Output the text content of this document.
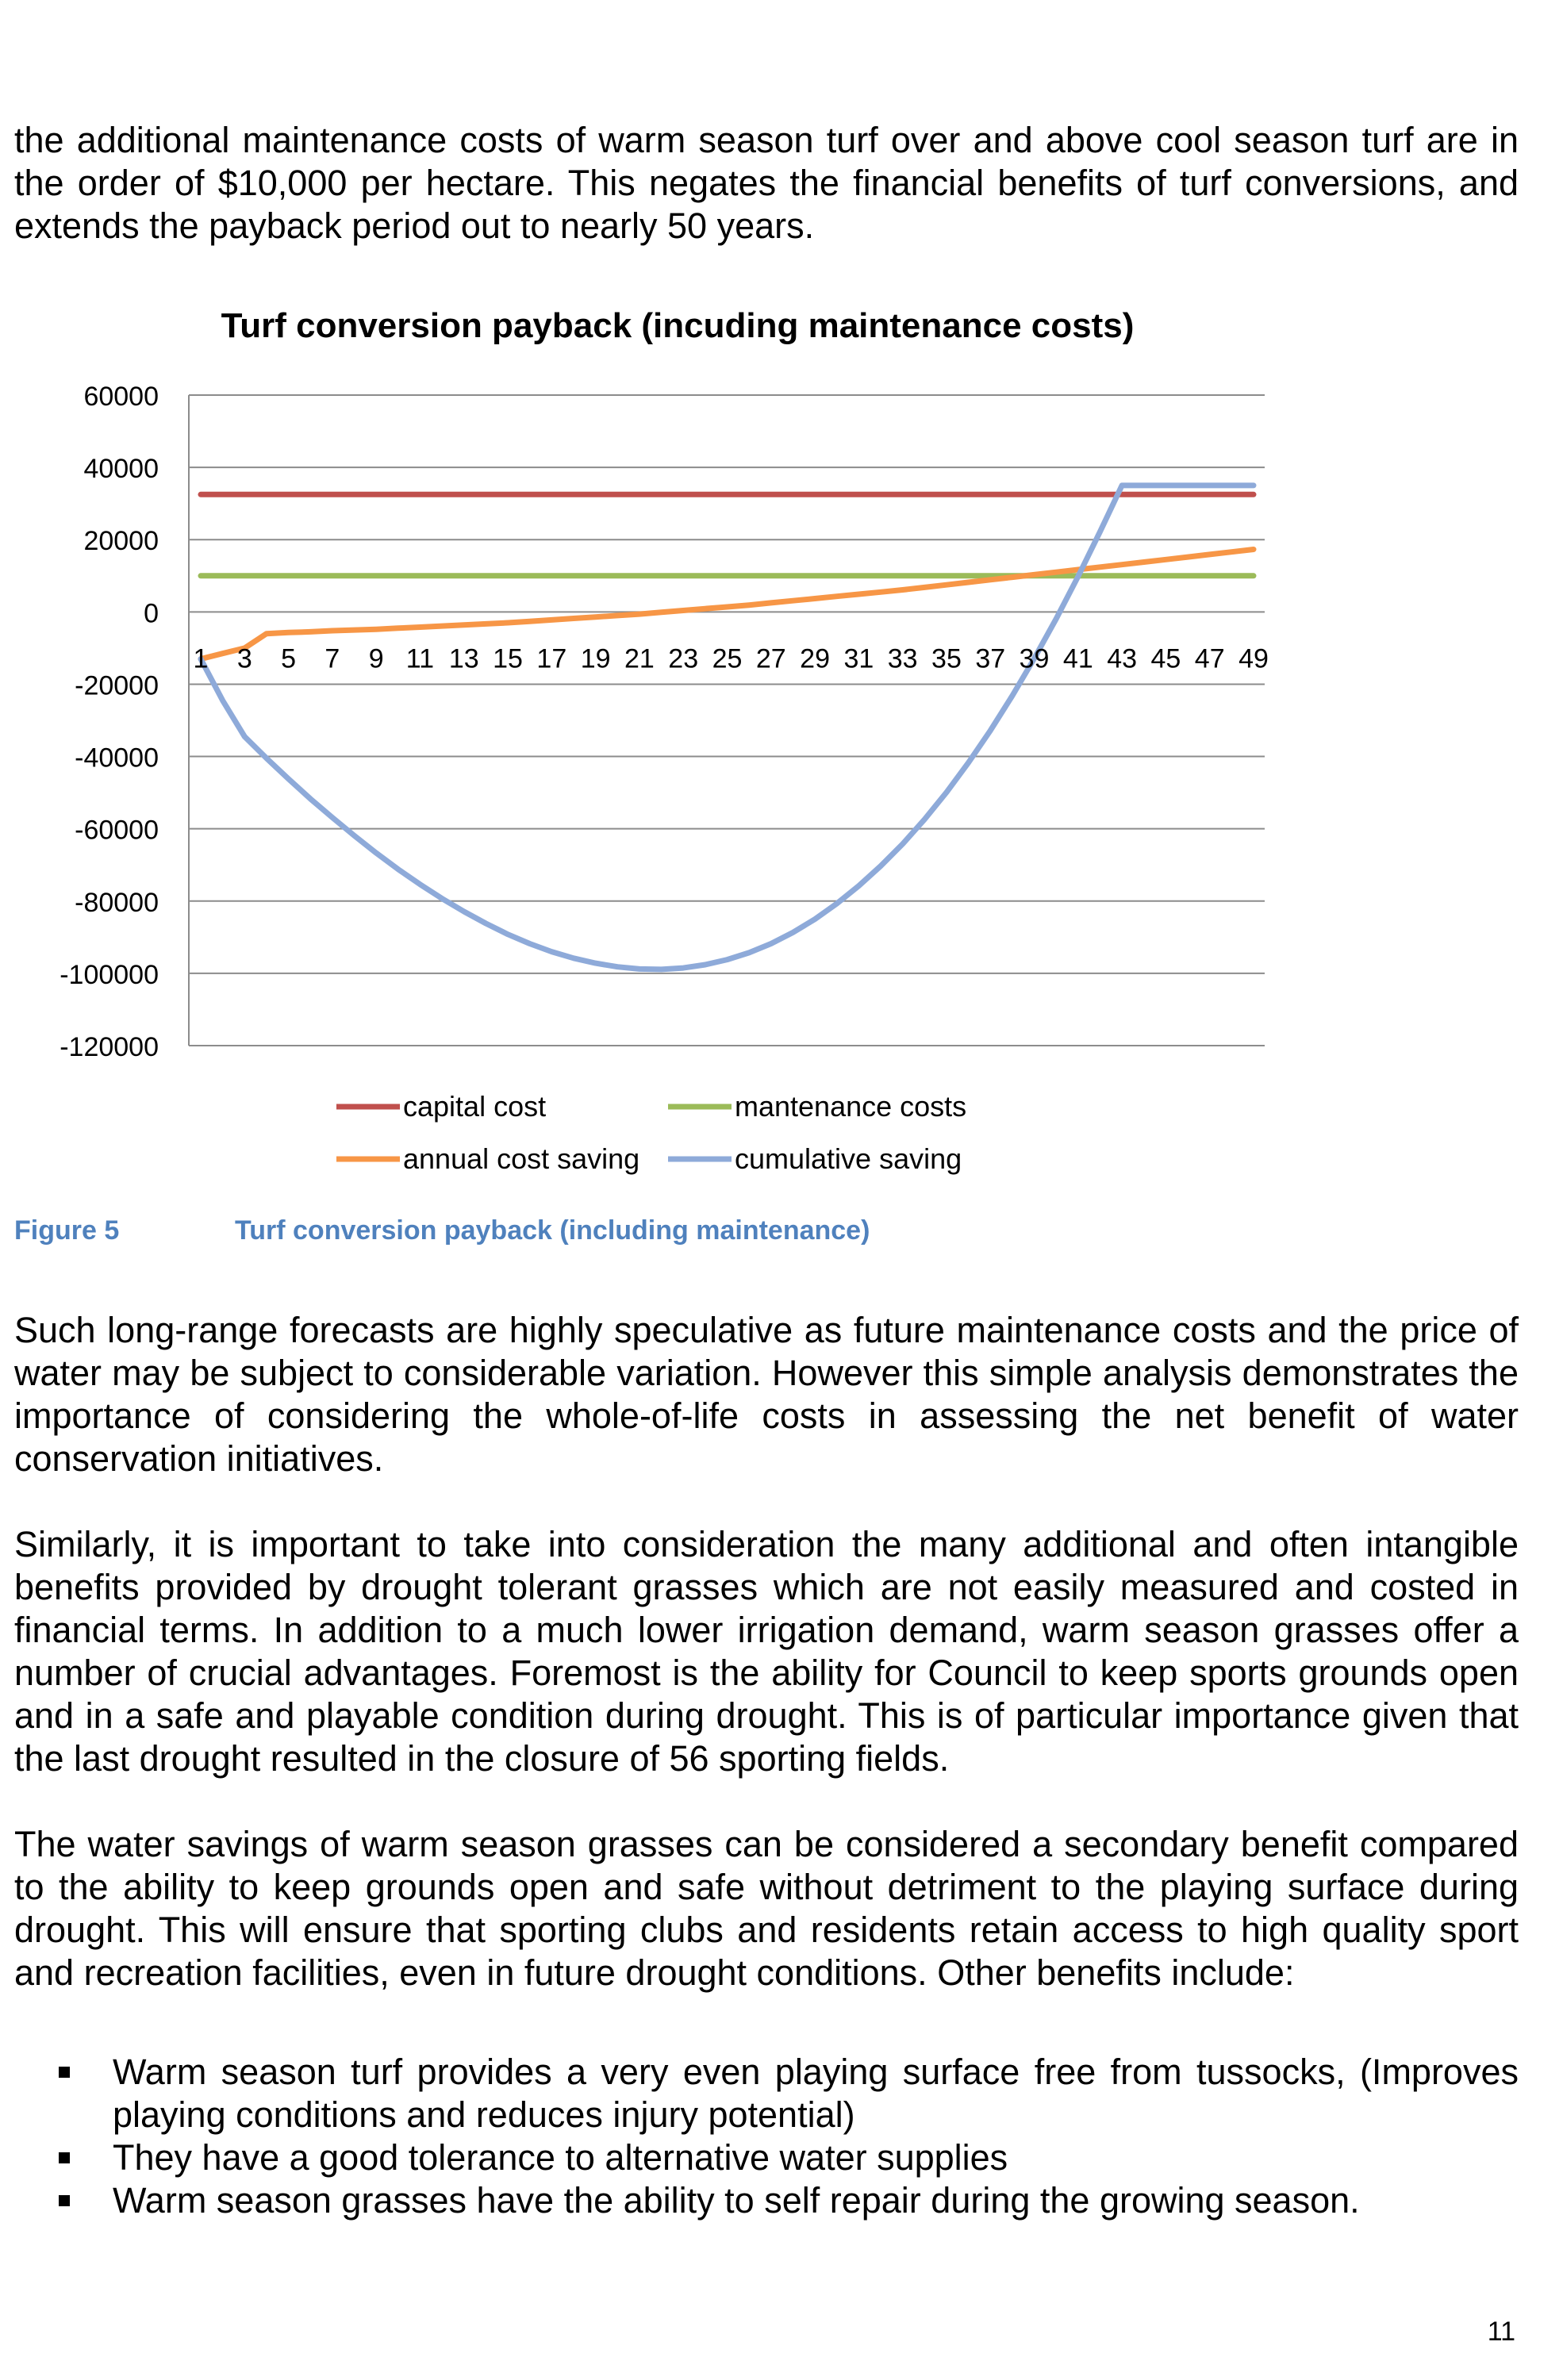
the additional maintenance costs of warm season turf over and above cool season turf are in the order of $10,000 per hectare. This negates the financial benefits of turf conversions, and extends the payback period out to nearly 50 years.

Turf conversion payback (incuding maintenance costs)
60000
40000
20000
0
-20000
-40000
-60000
-80000
-100000
-120000
1 3 5 7 9 11 13 15 17 19 21 23 25 27 29 31 33 35 37 39 41 43 45 47 49
capital cost	mantenance costs
annual cost saving	cumulative saving
Figure 5	Turf conversion payback (including maintenance)

Such long-range forecasts are highly speculative as future maintenance costs and the price of water may be subject to considerable variation. However this simple analysis demonstrates the importance of considering the whole-of-life costs in assessing the net benefit of water conservation initiatives.

Similarly, it is important to take into consideration the many additional and often intangible benefits provided by drought tolerant grasses which are not easily measured and costed in financial terms. In addition to a much lower irrigation demand, warm season grasses offer a number of crucial advantages. Foremost is the ability for Council to keep sports grounds open and in a safe and playable condition during drought. This is of particular importance given that the last drought resulted in the closure of 56 sporting fields.

The water savings of warm season grasses can be considered a secondary benefit compared to the ability to keep grounds open and safe without detriment to the playing surface during drought. This will ensure that sporting clubs and residents retain access to high quality sport and recreation facilities, even in future drought conditions. Other benefits include:

Warm season turf provides a very even playing surface free from tussocks, (Improves playing conditions and reduces injury potential)
They have a good tolerance to alternative water supplies
Warm season grasses have the ability to self repair during the growing season.
11
